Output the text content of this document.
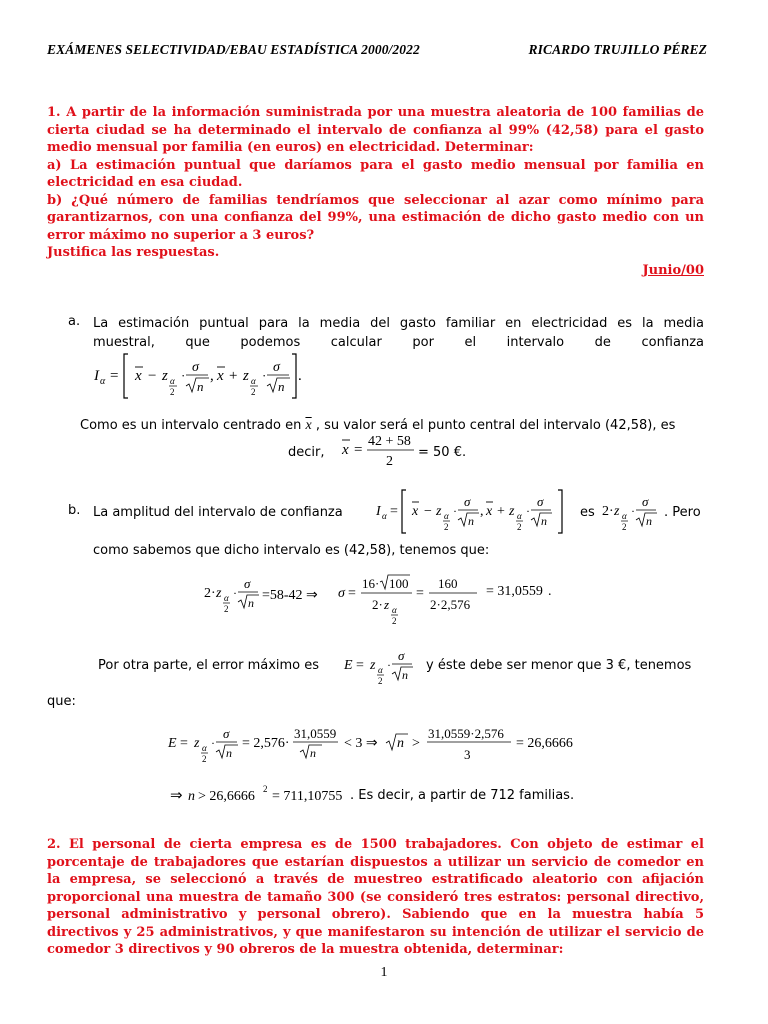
EXÁMENES SELECTIVIDAD/EBAU ESTADÍSTICA 2000/2022	RICARDO TRUJILLO PÉREZ

1. A partir de la información suministrada por una muestra aleatoria de 100 familias de cierta ciudad se ha determinado el intervalo de confianza al 99% (42,58) para el gasto medio mensual por familia (en euros) en electricidad. Determinar:

a) La estimación puntual que daríamos para el gasto medio mensual por familia en electricidad en esa ciudad.

b) ¿Qué número de familias tendríamos que seleccionar al azar como mínimo para garantizarnos, con una confianza del 99%, una estimación de dicho gasto medio con un error máximo no superior a 3 euros?

Justifica las respuestas.

Junio/00

a. La estimación puntual para la media del gasto familiar en electricidad es la media
muestral, que podemos calcular por el intervalo de confianza
I α = x − z α
2
·
σ
n
, x + z α
2
·
σ
n
.
Como es un intervalo centrado en $\overline{x}$ , su valor será el punto central del intervalo (42,58), es
decir, x =
42 + 58
2
= 50 €.
b. La amplitud del intervalo de confianza I α = x − z α
2
·
σ
n
, x + z α
2
·
σ
n
es 2· z α
2
·
σ
n
. Pero
como sabemos que dicho intervalo es (42,58), tenemos que:
2· z α
2
·
σ
n =58-42 ⇒ σ =
16· 100
2· z α
2
=
160
2·2,576
= 31,0559 .
Por otra parte, el error máximo es E = z α
2
·
σ
n
y éste debe ser menor que 3 €, tenemos
que:
E = z α
2
·
σ
n
= 2,576·
31,0559
n
< 3 ⇒ n >
31,0559·2,576
3
= 26,6666
⇒ n > 26,6666 2 = 711,10755 . Es decir, a partir de 712 familias.

2. El personal de cierta empresa es de 1500 trabajadores. Con objeto de estimar el porcentaje de trabajadores que estarían dispuestos a utilizar un servicio de comedor en la empresa, se seleccionó a través de muestreo estratificado aleatorio con afijación proporcional una muestra de tamaño 300 (se consideró tres estratos: personal directivo, personal administrativo y personal obrero). Sabiendo que en la muestra había 5 directivos y 25 administrativos, y que manifestaron su intención de utilizar el servicio de comedor 3 directivos y 90 obreros de la muestra obtenida, determinar:

1
